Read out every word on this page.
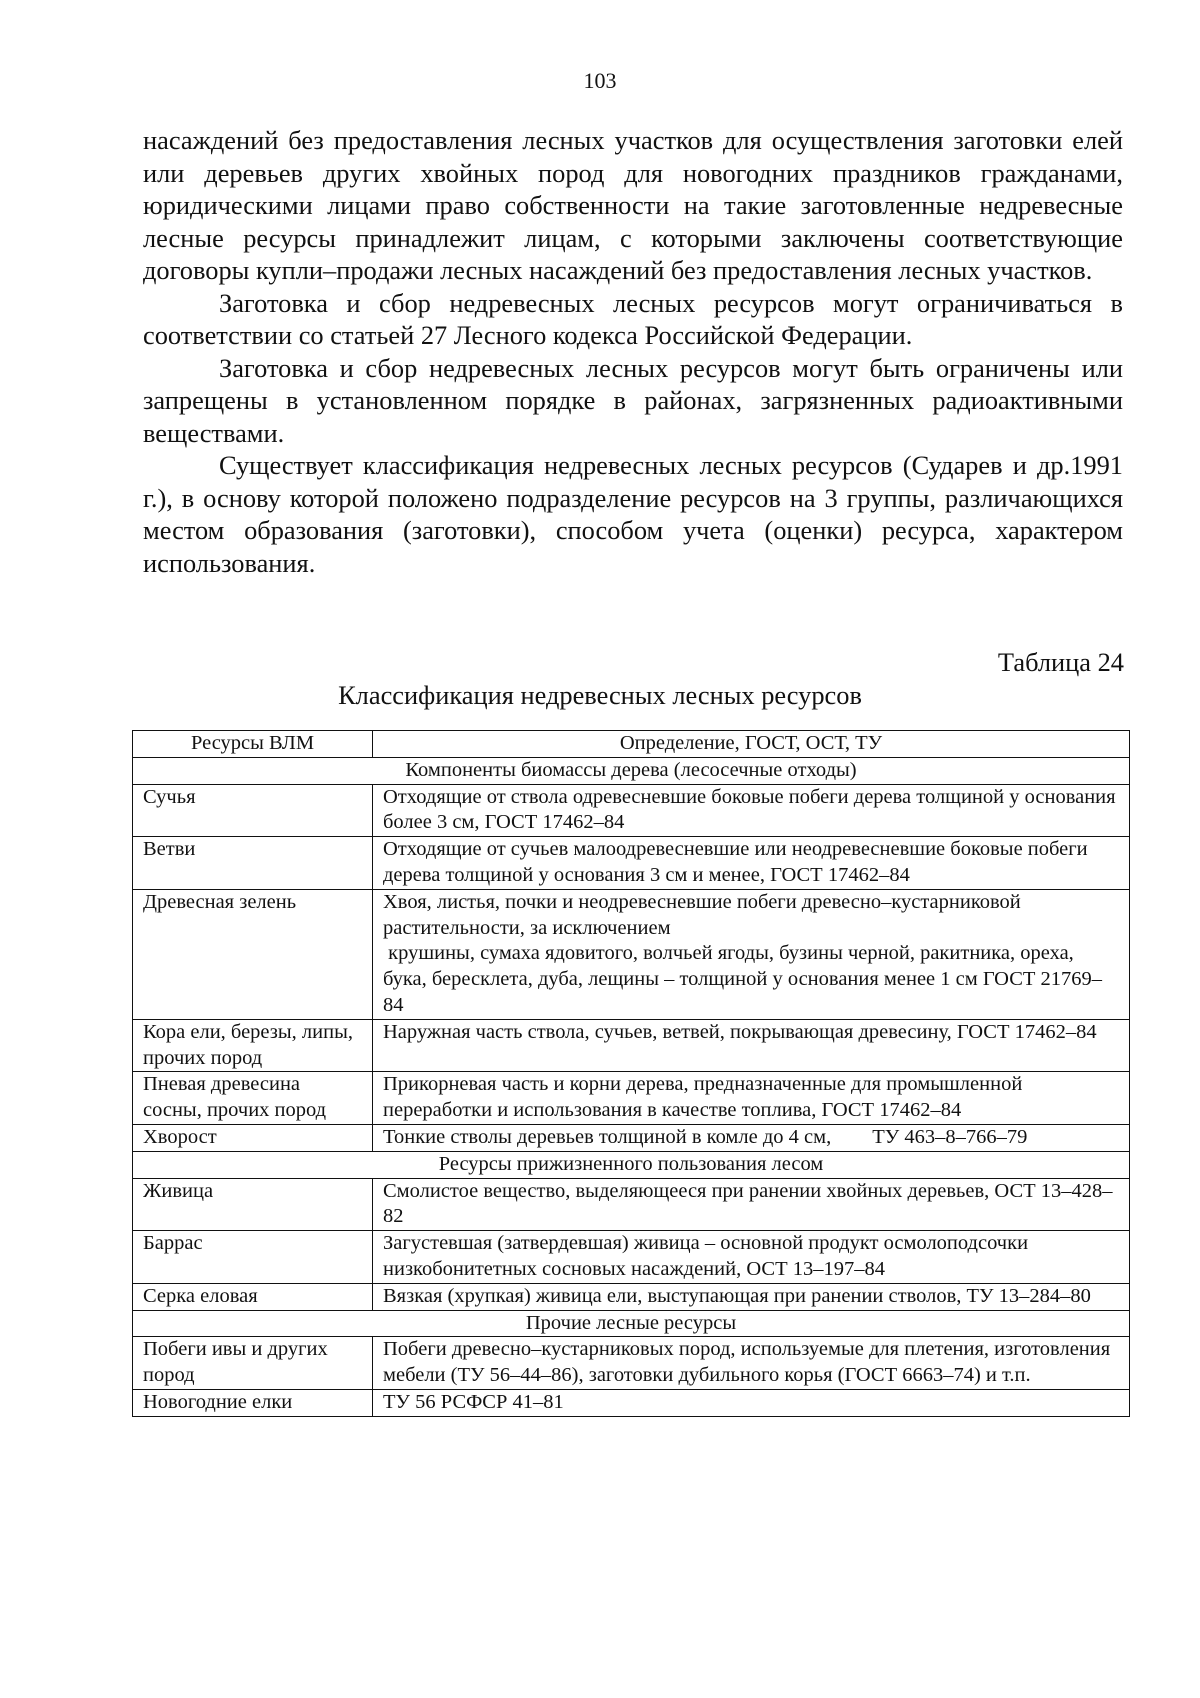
103

насаждений без предоставления лесных участков для осуществления заготовки елей или деревьев других хвойных пород для новогодних праздников гражданами, юридическими лицами право собственности на такие заготовленные недревесные лесные ресурсы принадлежит лицам, с которыми заключены соответствующие договоры купли–продажи лесных насаждений без предоставления лесных участков.

Заготовка и сбор недревесных лесных ресурсов могут ограничиваться в соответствии со статьей 27 Лесного кодекса Российской Федерации.

Заготовка и сбор недревесных лесных ресурсов могут быть ограничены или запрещены в установленном порядке в районах, загрязненных радиоактивными веществами.

Существует классификация недревесных лесных ресурсов (Сударев и др.1991 г.), в основу которой положено подразделение ресурсов на 3 группы, различающихся местом образования (заготовки), способом учета (оценки) ресурса, характером использования.

Таблица 24
Классификация недревесных лесных ресурсов
Ресурсы ВЛМ	Определение, ГОСТ, ОСТ, ТУ
Компоненты биомассы дерева (лесосечные отходы)	
Сучья	Отходящие от ствола одревесневшие боковые побеги дерева толщиной у основания более 3 см, ГОСТ 17462–84
Ветви	Отходящие от сучьев малоодревесневшие или неодревесневшие боковые побеги дерева толщиной у основания 3 см и менее, ГОСТ 17462–84
Древесная зелень	Хвоя, листья, почки и неодревесневшие побеги древесно–кустарниковой растительности, за исключением
крушины, сумаха ядовитого, волчьей ягоды, бузины черной, ракитника, ореха, бука, бересклета, дуба, лещины – толщиной у основания менее 1 см ГОСТ 21769–84

Кора ели, березы, липы, прочих пород	Наружная часть ствола, сучьев, ветвей, покрывающая древесину, ГОСТ 17462–84
Пневая древесина сосны, прочих пород	Прикорневая часть и корни дерева, предназначенные для промышленной переработки и использования в качестве топлива, ГОСТ 17462–84
Хворост	Тонкие стволы деревьев толщиной в комле до 4 см,        ТУ 463–8–766–79
Ресурсы прижизненного пользования лесом	
Живица	Смолистое вещество, выделяющееся при ранении хвойных деревьев, ОСТ 13–428–82
Баррас	Загустевшая (затвердевшая) живица – основной продукт осмолоподсочки низкобонитетных сосновых насаждений, ОСТ 13–197–84
Серка еловая	Вязкая (хрупкая) живица ели, выступающая при ранении стволов, ТУ 13–284–80
Прочие лесные ресурсы	
Побеги ивы и других пород	Побеги древесно–кустарниковых пород, используемые для плетения, изготовления мебели (ТУ 56–44–86), заготовки дубильного корья (ГОСТ 6663–74) и т.п.
Новогодние елки	ТУ 56 РСФСР 41–81
